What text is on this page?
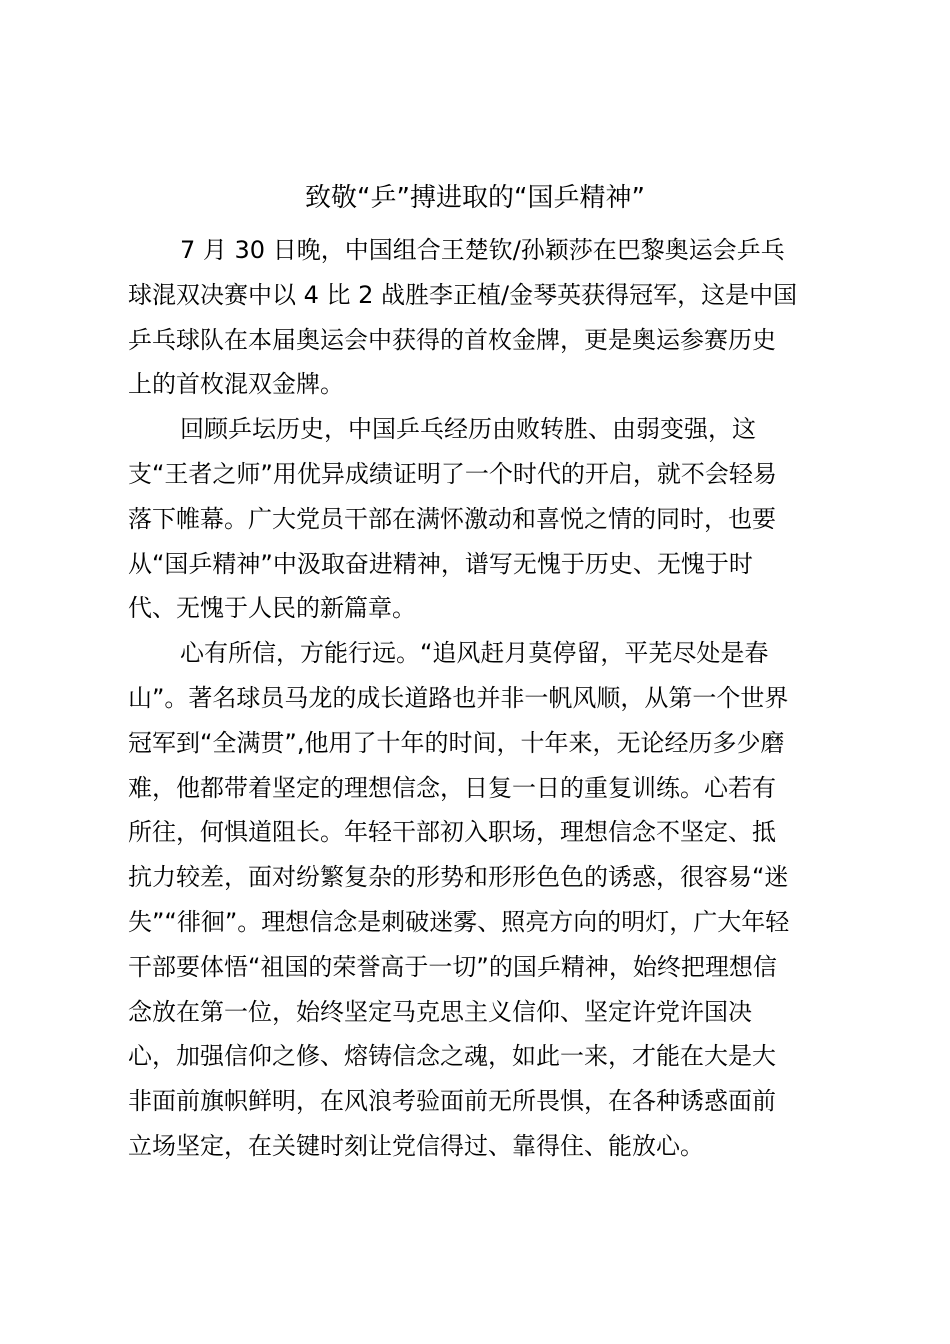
致敬“乒”搏进取的“国乒精神”
7 月 30 日晚，中国组合王楚钦/孙颖莎在巴黎奥运会乒乓
球混双决赛中以 4 比 2 战胜李正植/金琴英获得冠军，这是中国
乒乓球队在本届奥运会中获得的首枚金牌，更是奥运参赛历史
上的首枚混双金牌。
回顾乒坛历史，中国乒乓经历由败转胜、由弱变强，这
支“王者之师”用优异成绩证明了一个时代的开启，就不会轻易
落下帷幕。广大党员干部在满怀激动和喜悦之情的同时，也要
从“国乒精神”中汲取奋进精神，谱写无愧于历史、无愧于时
代、无愧于人民的新篇章。
心有所信，方能行远。“追风赶月莫停留，平芜尽处是春
山”。著名球员马龙的成长道路也并非一帆风顺，从第一个世界
冠军到“全满贯”,他用了十年的时间，十年来，无论经历多少磨
难，他都带着坚定的理想信念，日复一日的重复训练。心若有
所往，何惧道阻长。年轻干部初入职场，理想信念不坚定、抵
抗力较差，面对纷繁复杂的形势和形形色色的诱惑，很容易“迷
失”“徘徊”。理想信念是刺破迷雾、照亮方向的明灯，广大年轻
干部要体悟“祖国的荣誉高于一切”的国乒精神，始终把理想信
念放在第一位，始终坚定马克思主义信仰、坚定许党许国决
心，加强信仰之修、熔铸信念之魂，如此一来，才能在大是大
非面前旗帜鲜明，在风浪考验面前无所畏惧，在各种诱惑面前
立场坚定，在关键时刻让党信得过、靠得住、能放心。
